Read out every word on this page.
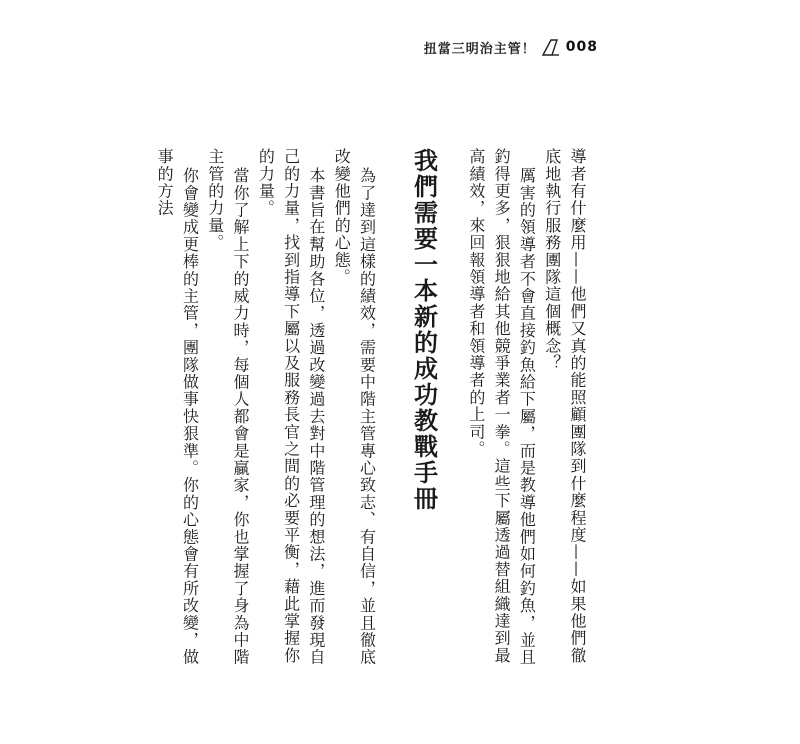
扭當三明治主管！ 008

導者有什麼用——他們又真的能照顧團隊到什麼程度——如果他們徹底地執行服務團隊這個概念？

厲害的領導者不會直接釣魚給下屬，而是教導他們如何釣魚，並且釣得更多，狠狠地給其他競爭業者一拳。這些下屬透過替組織達到最高績效，來回報領導者和領導者的上司。

我們需要一本新的成功教戰手冊

為了達到這樣的績效，需要中階主管專心致志、有自信，並且徹底改變他們的心態。

本書旨在幫助各位，透過改變過去對中階管理的想法，進而發現自己的力量，找到指導下屬以及服務長官之間的必要平衡，藉此掌握你的力量。

當你了解上下的威力時，每個人都會是贏家，你也掌握了身為中階主管的力量。

你會變成更棒的主管，團隊做事快狠準。你的心態會有所改變，做事的方法
